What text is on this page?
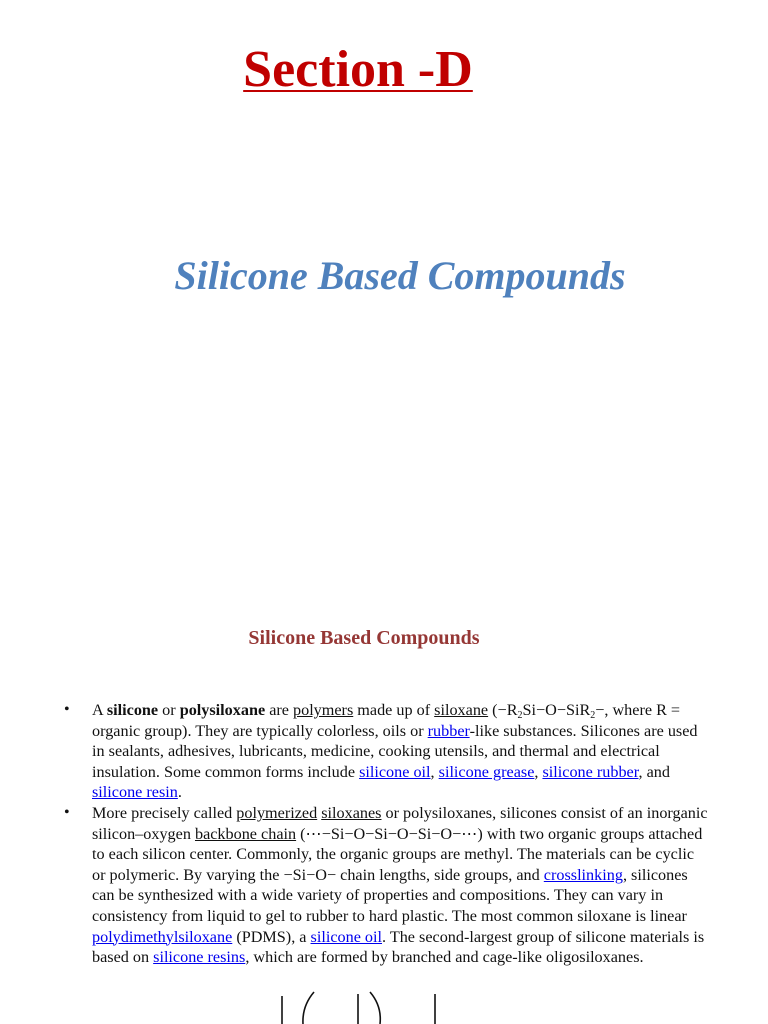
Section -D
Silicone Based Compounds
Silicone Based Compounds
• A silicone or polysiloxane are polymers made up of siloxane ($-R_2Si-O-SiR_2-$, where R = organic group). They are typically colorless, oils or rubber-like substances. Silicones are used in sealants, adhesives, lubricants, medicine, cooking utensils, and thermal and electrical insulation. Some common forms include silicone oil, silicone grease, silicone rubber, and silicone resin.
• More precisely called polymerized siloxanes or polysiloxanes, silicones consist of an inorganic silicon–oxygen backbone chain (⋯−Si−O−Si−O−Si−O−⋯) with two organic groups attached to each silicon center. Commonly, the organic groups are methyl. The materials can be cyclic or polymeric. By varying the −Si−O− chain lengths, side groups, and crosslinking, silicones can be synthesized with a wide variety of properties and compositions. They can vary in consistency from liquid to gel to rubber to hard plastic. The most common siloxane is linear polydimethylsiloxane (PDMS), a silicone oil. The second-largest group of silicone materials is based on silicone resins, which are formed by branched and cage-like oligosiloxanes.
